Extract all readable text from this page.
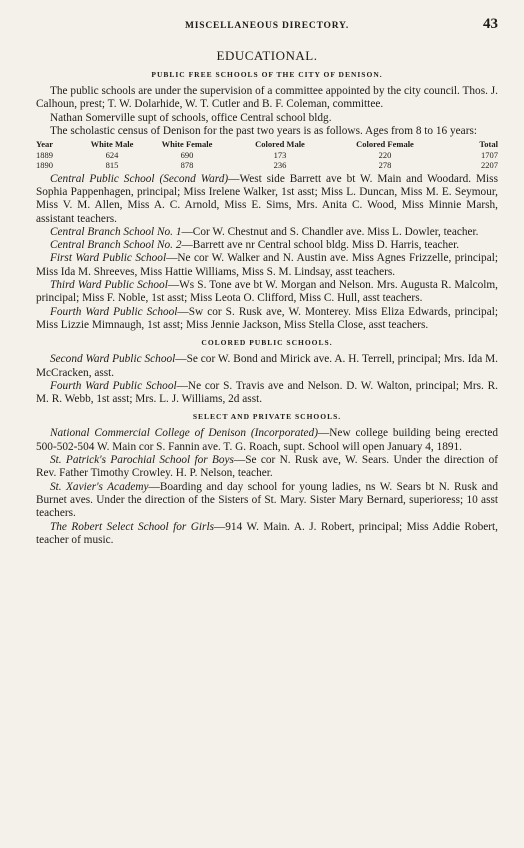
MISCELLANEOUS DIRECTORY.	43
EDUCATIONAL.
PUBLIC FREE SCHOOLS OF THE CITY OF DENISON.

The public schools are under the supervision of a committee appointed by the city council. Thos. J. Calhoun, prest; T. W. Dolarhide, W. T. Cutler and B. F. Coleman, committee.

Nathan Somerville supt of schools, office Central school bldg.

The scholastic census of Denison for the past two years is as follows. Ages from 8 to 16 years:

Year	White Male	White Female	Colored Male	Colored Female	Total
1889	624	690	173	220	1707
1890	815	878	236	278	2207

Central Public School (Second Ward)—West side Barrett ave bt W. Main and Woodard. Miss Sophia Pappenhagen, principal; Miss Irelene Walker, 1st asst; Miss L. Duncan, Miss M. E. Seymour, Miss V. M. Allen, Miss A. C. Arnold, Miss E. Sims, Mrs. Anita C. Wood, Miss Minnie Marsh, assistant teachers.

Central Branch School No. 1—Cor W. Chestnut and S. Chandler ave. Miss L. Dowler, teacher.

Central Branch School No. 2—Barrett ave nr Central school bldg. Miss D. Harris, teacher.

First Ward Public School—Ne cor W. Walker and N. Austin ave. Miss Agnes Frizzelle, principal; Miss Ida M. Shreeves, Miss Hattie Williams, Miss S. M. Lindsay, asst teachers.

Third Ward Public School—Ws S. Tone ave bt W. Morgan and Nelson. Mrs. Augusta R. Malcolm, principal; Miss F. Noble, 1st asst; Miss Leota O. Clifford, Miss C. Hull, asst teachers.

Fourth Ward Public School—Sw cor S. Rusk ave, W. Monterey. Miss Eliza Edwards, principal; Miss Lizzie Mimnaugh, 1st asst; Miss Jennie Jackson, Miss Stella Close, asst teachers.

COLORED PUBLIC SCHOOLS.

Second Ward Public School—Se cor W. Bond and Mirick ave. A. H. Terrell, principal; Mrs. Ida M. McCracken, asst.

Fourth Ward Public School—Ne cor S. Travis ave and Nelson. D. W. Walton, principal; Mrs. R. M. R. Webb, 1st asst; Mrs. L. J. Williams, 2d asst.

SELECT AND PRIVATE SCHOOLS.

National Commercial College of Denison (Incorporated)—New college building being erected 500-502-504 W. Main cor S. Fannin ave. T. G. Roach, supt. School will open January 4, 1891.

St. Patrick's Parochial School for Boys—Se cor N. Rusk ave, W. Sears. Under the direction of Rev. Father Timothy Crowley. H. P. Nelson, teacher.

St. Xavier's Academy—Boarding and day school for young ladies, ns W. Sears bt N. Rusk and Burnet aves. Under the direction of the Sisters of St. Mary. Sister Mary Bernard, superioress; 10 asst teachers.

The Robert Select School for Girls—914 W. Main. A. J. Robert, principal; Miss Addie Robert, teacher of music.
